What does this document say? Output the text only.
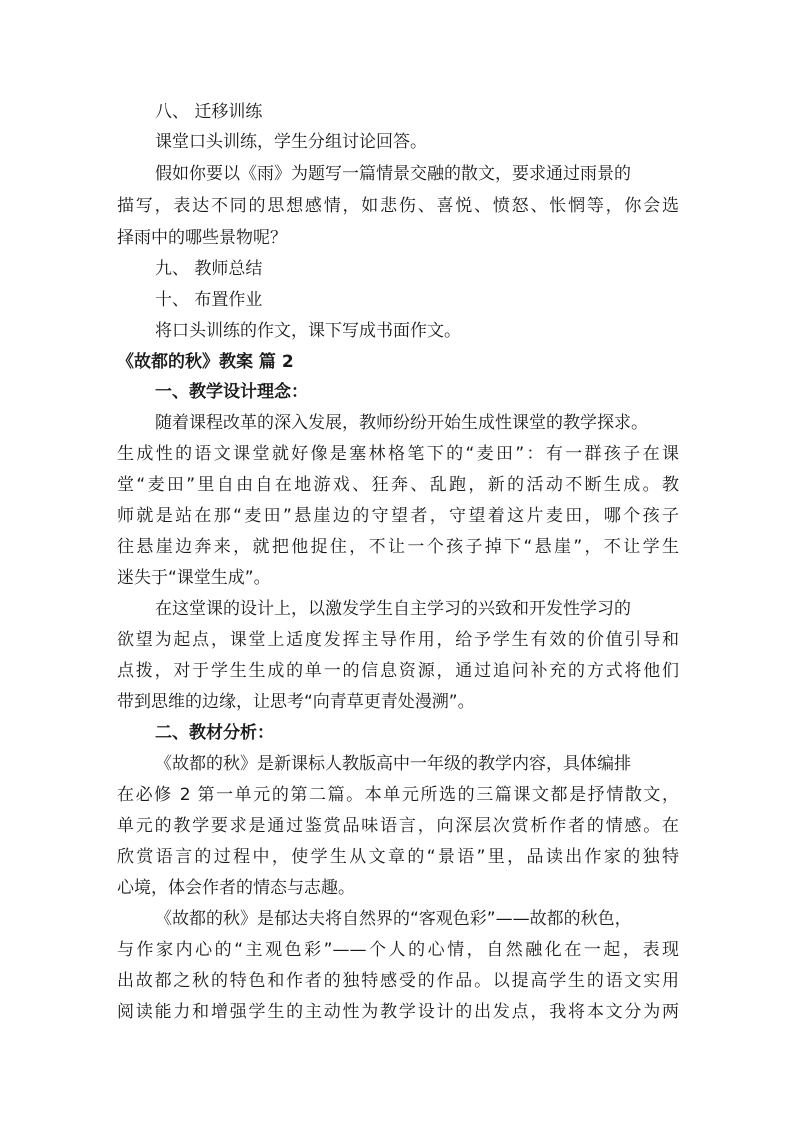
八、 迁移训练
课堂口头训练，学生分组讨论回答。
假如你要以《雨》为题写一篇情景交融的散文，要求通过雨景的
描写，表达不同的思想感情，如悲伤、喜悦、愤怒、怅惘等，你会选
择雨中的哪些景物呢？
九、 教师总结
十、 布置作业
将口头训练的作文，课下写成书面作文。
《故都的秋》教案 篇 2
一、教学设计理念：
随着课程改革的深入发展，教师纷纷开始生成性课堂的教学探求。
生成性的语文课堂就好像是塞林格笔下的“麦田”：有一群孩子在课
堂“麦田”里自由自在地游戏、狂奔、乱跑，新的活动不断生成。教
师就是站在那“麦田”悬崖边的守望者，守望着这片麦田，哪个孩子
往悬崖边奔来，就把他捉住，不让一个孩子掉下“悬崖”，不让学生
迷失于“课堂生成”。
在这堂课的设计上，以激发学生自主学习的兴致和开发性学习的
欲望为起点，课堂上适度发挥主导作用，给予学生有效的价值引导和
点拨，对于学生生成的单一的信息资源，通过追问补充的方式将他们
带到思维的边缘，让思考“向青草更青处漫溯”。
二、教材分析：
《故都的秋》是新课标人教版高中一年级的教学内容，具体编排
在必修 2 第一单元的第二篇。本单元所选的三篇课文都是抒情散文，
单元的教学要求是通过鉴赏品味语言，向深层次赏析作者的情感。在
欣赏语言的过程中，使学生从文章的“景语”里，品读出作家的独特
心境，体会作者的情态与志趣。
《故都的秋》是郁达夫将自然界的“客观色彩”——故都的秋色，
与作家内心的“主观色彩”——个人的心情，自然融化在一起，表现
出故都之秋的特色和作者的独特感受的作品。以提高学生的语文实用
阅读能力和增强学生的主动性为教学设计的出发点，我将本文分为两
